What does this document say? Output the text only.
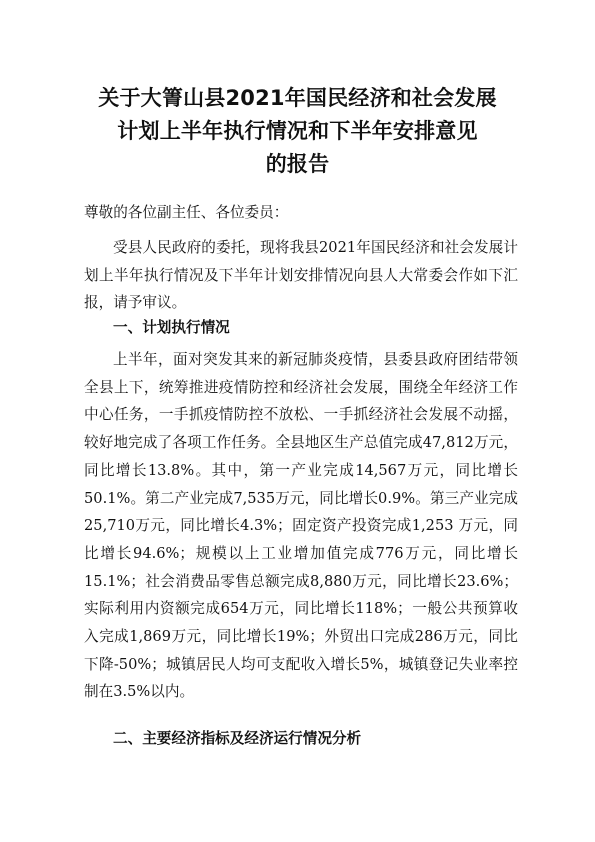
关于大箐山县2021年国民经济和社会发展
计划上半年执行情况和下半年安排意见
的报告

尊敬的各位副主任、各位委员：

受县人民政府的委托，现将我县2021年国民经济和社会发展计划上半年执行情况及下半年计划安排情况向县人大常委会作如下汇报，请予审议。

一、计划执行情况

上半年，面对突发其来的新冠肺炎疫情，县委县政府团结带领全县上下，统筹推进疫情防控和经济社会发展，围绕全年经济工作中心任务，一手抓疫情防控不放松、一手抓经济社会发展不动摇，较好地完成了各项工作任务。全县地区生产总值完成47,812万元，同比增长13.8%。其中，第一产业完成14,567万元，同比增长50.1%。第二产业完成7,535万元，同比增长0.9%。第三产业完成25,710万元，同比增长4.3%；固定资产投资完成1,253 万元，同比增长94.6%；规模以上工业增加值完成776万元，同比增长15.1%；社会消费品零售总额完成8,880万元，同比增长23.6%；实际利用内资额完成654万元，同比增长118%；一般公共预算收入完成1,869万元，同比增长19%；外贸出口完成286万元，同比下降-50%；城镇居民人均可支配收入增长5%，城镇登记失业率控制在3.5%以内。

二、主要经济指标及经济运行情况分析
